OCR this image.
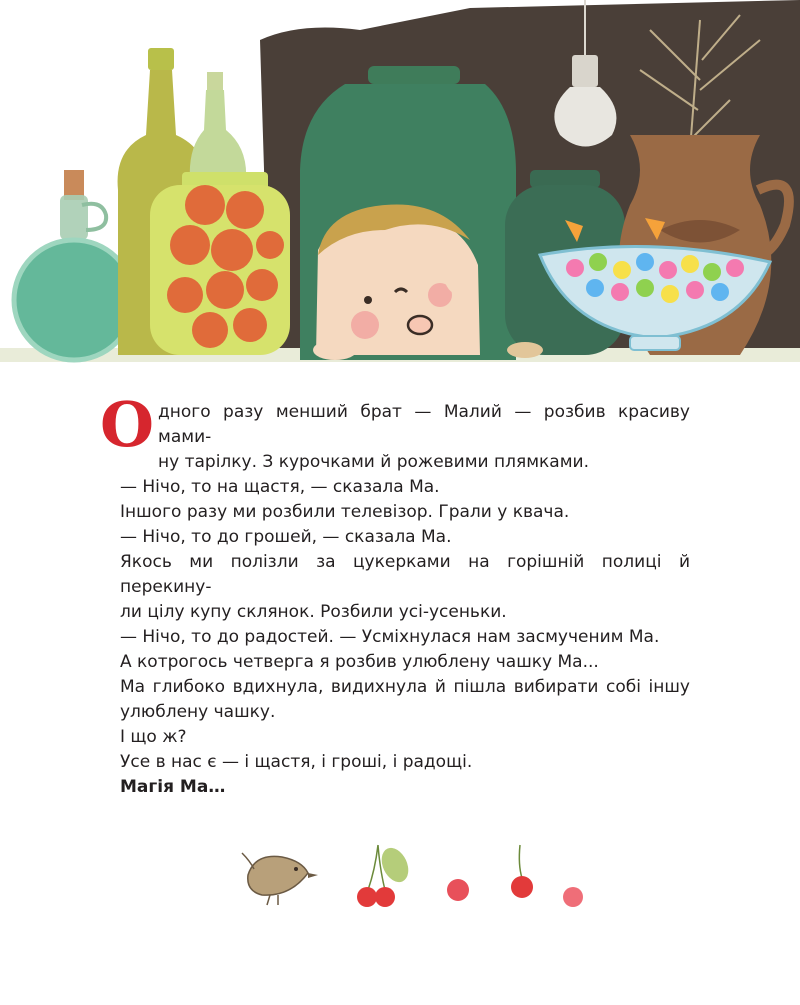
О дного разу менший брат — Малий — розбив красиву мами-

ну тарілку. З курочками й рожевими плямками.

— Нічо, то на щастя, — сказала Ма.

Іншого разу ми розбили телевізор. Грали у квача.

— Нічо, то до грошей, — сказала Ма.

Якось ми полізли за цукерками на горішній полиці й перекину-

ли цілу купу склянок. Розбили усі-усеньки.

— Нічо, то до радостей. — Усміхнулася нам засмученим Ма.

А котрогось четверга я розбив улюблену чашку Ма...

Ма глибоко вдихнула, видихнула й пішла вибирати собі іншу

улюблену чашку.

І що ж?

Усе в нас є — і щастя, і гроші, і радощі.

Магія Ма…
